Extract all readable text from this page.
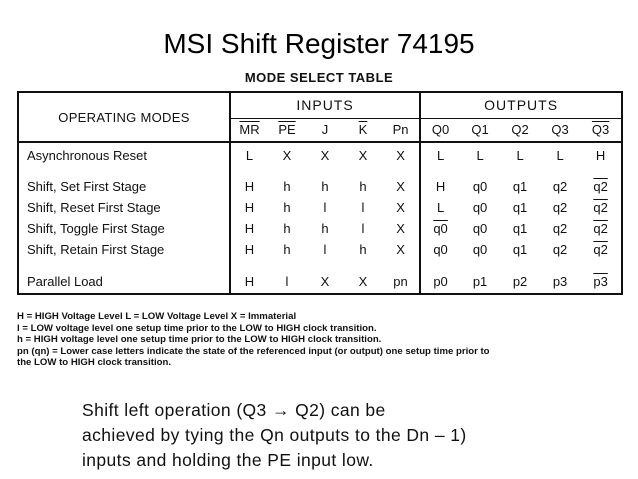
MSI Shift Register 74195
MODE SELECT TABLE
OPERATING MODES	INPUTS					OUTPUTS				
	$\overline{MR}$	$\overline{PE}$	J	$\overline{K}$	Pn	Q0	Q1	Q2	Q3	Q3
Asynchronous Reset	L	X	X	X	X	L	L	L	L	H

Shift, Set First Stage	H	h	h	h	X	H	q0	q1	q2	q2
Shift, Reset First Stage	H	h	l	l	X	L	q0	q1	q2	q2
Shift, Toggle First Stage	H	h	h	l	X	q0	q0	q1	q2	q2
Shift, Retain First Stage	H	h	l	h	X	q0	q0	q1	q2	q2

Parallel Load	H	l	X	X	pn	p0	p1	p2	p3	p3
H = HIGH Voltage Level L = LOW Voltage Level X = Immaterial
l = LOW voltage level one setup time prior to the LOW to HIGH clock transition.
h = HIGH voltage level one setup time prior to the LOW to HIGH clock transition.
pn (qn) = Lower case letters indicate the state of the referenced input (or output) one setup time prior to
the LOW to HIGH clock transition.
Shift left operation (Q3 → Q2) can be
achieved by tying the Qn outputs to the Dn – 1)
inputs and holding the PE input low.
